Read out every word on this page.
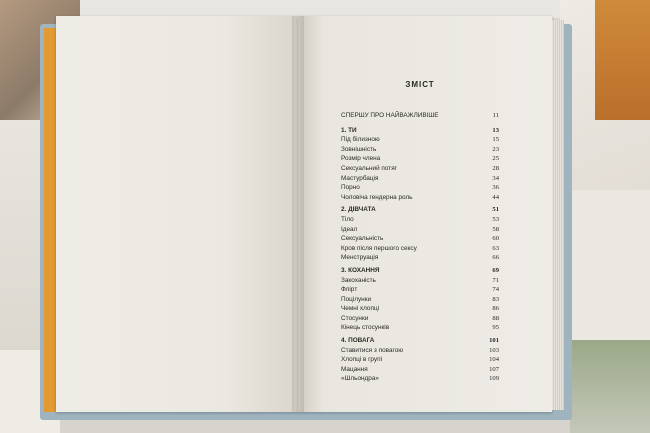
ЗМІСТ
СПЕРШУ ПРО НАЙВАЖЛИВІШЕ	11
1. ТИ	13
Під білизною	15
Зовнішність	23
Розмір члена	25
Сексуальний потяг	28
Мастурбація	34
Порно	36
Чоловіча гендерна роль	44
2. ДІВЧАТА	51
Тіло	53
Ідеал	58
Сексуальність	60
Кров після першого сексу	63
Менструація	66
3. КОХАННЯ	69
Закоханість	71
Фліpт	74
Поцілунки	83
Чемні хлопці	86
Стосунки	88
Кінець стосунків	95
4. ПОВАГА	101
Ставитися з повагою	103
Хлопці в групі	104
Мацання	107
«Шльондра»	109
